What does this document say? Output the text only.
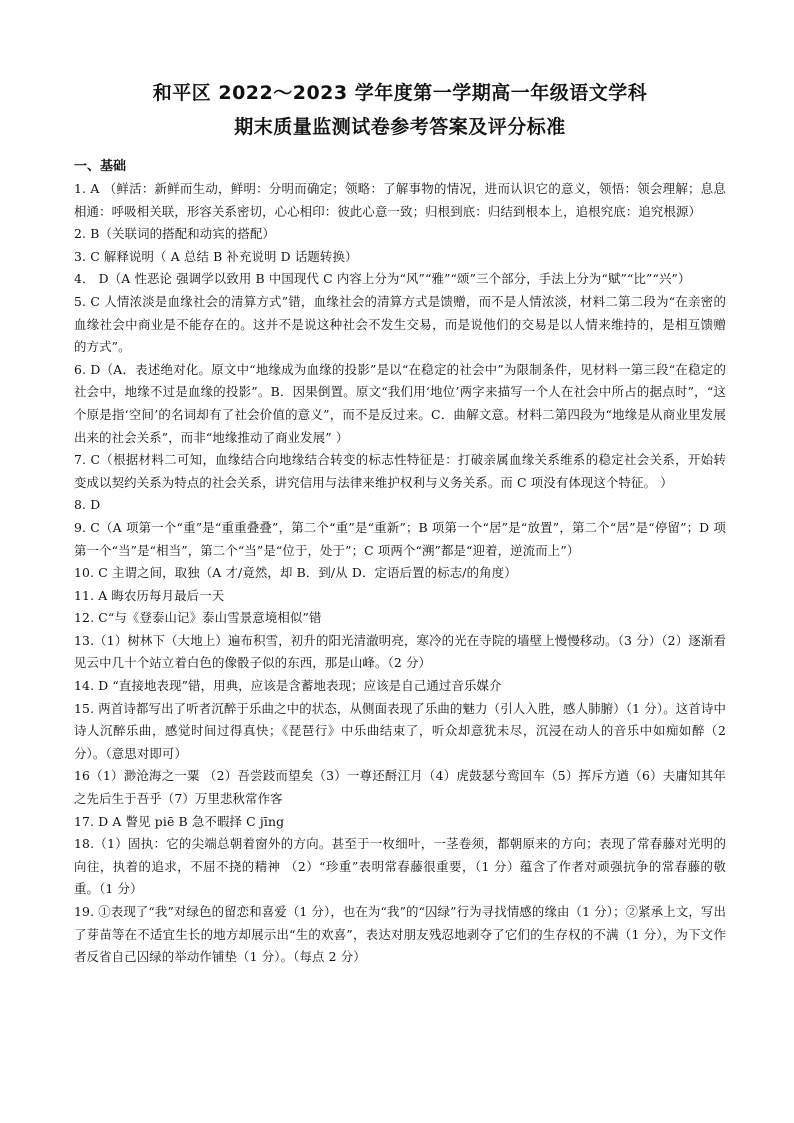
和平区 2022～2023 学年度第一学期高一年级语文学科
期末质量监测试卷参考答案及评分标准
一、基础

1. A （鲜活：新鲜而生动，鲜明：分明而确定；领略：了解事物的情况，进而认识它的意义，领悟：领会理解；息息相通：呼吸相关联，形容关系密切，心心相印：彼此心意一致；归根到底：归结到根本上，追根究底：追究根源）

2. B（关联词的搭配和动宾的搭配）

3. C 解释说明（ A 总结 B 补充说明 D 话题转换）

4． D（A 性恶论 强调学以致用 B 中国现代 C 内容上分为“风”“雅”“颂”三个部分，手法上分为“赋”“比”“兴”）

5. C 人情浓淡是血缘社会的清算方式”错，血缘社会的清算方式是馈赠，而不是人情浓淡，材料二第二段为“在亲密的血缘社会中商业是不能存在的。这并不是说这种社会不发生交易，而是说他们的交易是以人情来维持的，是相互馈赠的方式”。

6. D（A．表述绝对化。原文中“地缘成为血缘的投影”是以“在稳定的社会中”为限制条件，见材料一第三段“在稳定的社会中，地缘不过是血缘的投影”。B．因果倒置。原文“我们用‘地位’两字来描写一个人在社会中所占的据点时”，“这个原是指‘空间’的名词却有了社会价值的意义”，而不是反过来。C．曲解文意。材料二第四段为“地缘是从商业里发展出来的社会关系”，而非“地缘推动了商业发展” ）

7. C（根据材料二可知，血缘结合向地缘结合转变的标志性特征是：打破亲属血缘关系维系的稳定社会关系，开始转变成以契约关系为特点的社会关系，讲究信用与法律来维护权利与义务关系。而 C 项没有体现这个特征。 ）

8. D

9. C（A 项第一个“重”是“重重叠叠”，第二个“重”是“重新”；B 项第一个“居”是“放置”，第二个“居”是“停留”；D 项第一个“当”是“相当”，第二个“当”是“位于，处于”；C 项两个“溯”都是“迎着，逆流而上”）

10. C 主谓之间，取独（A 才/竟然，却 B．到/从 D．定语后置的标志/的角度）

11. A 晦农历每月最后一天

12. C“与《登泰山记》泰山雪景意境相似”错

13.（1）树林下（大地上）遍布积雪，初升的阳光清澈明亮，寒冷的光在寺院的墙壁上慢慢移动。（3 分）（2）逐渐看见云中几十个站立着白色的像骰子似的东西，那是山峰。（2 分）

14. D “直接地表现”错，用典，应该是含蓄地表现；应该是自己通过音乐媒介

15. 两首诗都写出了听者沉醉于乐曲之中的状态，从侧面表现了乐曲的魅力（引人入胜，感人肺腑）（1 分）。这首诗中诗人沉醉乐曲，感觉时间过得真快；《琵琶行》中乐曲结束了，听众却意犹未尽，沉浸在动人的音乐中如痴如醉（2 分）。（意思对即可）

16（1）渺沧海之一粟 （2）吾尝跂而望矣（3）一尊还酹江月（4）虎鼓瑟兮鸾回车（5）挥斥方遒（6）夫庸知其年之先后生于吾乎（7）万里悲秋常作客

17. D A 瞥见 piē B 急不暇择 C jīng

18.（1）固执：它的尖端总朝着窗外的方向。甚至于一枚细叶，一茎卷须，都朝原来的方向；表现了常春藤对光明的向往，执着的追求，不屈不挠的精神 （2）“珍重”表明常春藤很重要，（1 分）蕴含了作者对顽强抗争的常春藤的敬重。（1 分）

19. ①表现了“我”对绿色的留恋和喜爱（1 分），也在为“我”的“囚绿”行为寻找情感的缘由（1 分）；②紧承上文，写出了芽苗等在不适宜生长的地方却展示出“生的欢喜”，表达对朋友残忍地剥夺了它们的生存权的不满（1 分），为下文作者反省自己囚绿的举动作铺垫（1 分）。（每点 2 分）
